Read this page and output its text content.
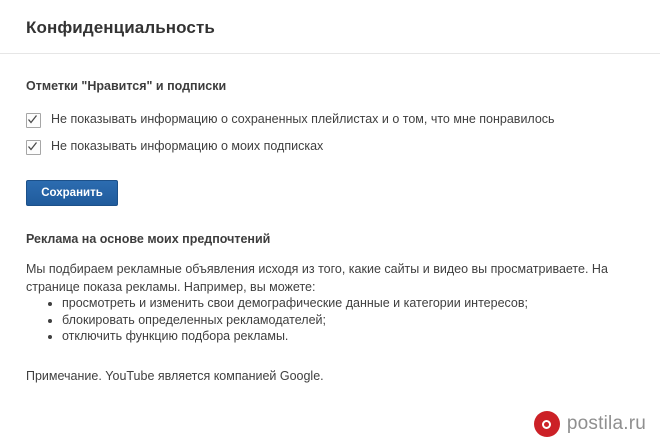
Конфиденциальность
Отметки "Нравится" и подписки
Не показывать информацию о сохраненных плейлистах и о том, что мне понравилось
Не показывать информацию о моих подписках
Сохранить
Реклама на основе моих предпочтений
Мы подбираем рекламные объявления исходя из того, какие сайты и видео вы просматриваете. На странице показа рекламы. Например, вы можете:
• просмотреть и изменить свои демографические данные и категории интересов;
• блокировать определенных рекламодателей;
• отключить функцию подбора рекламы.
Примечание. YouTube является компанией Google.
postila.ru
